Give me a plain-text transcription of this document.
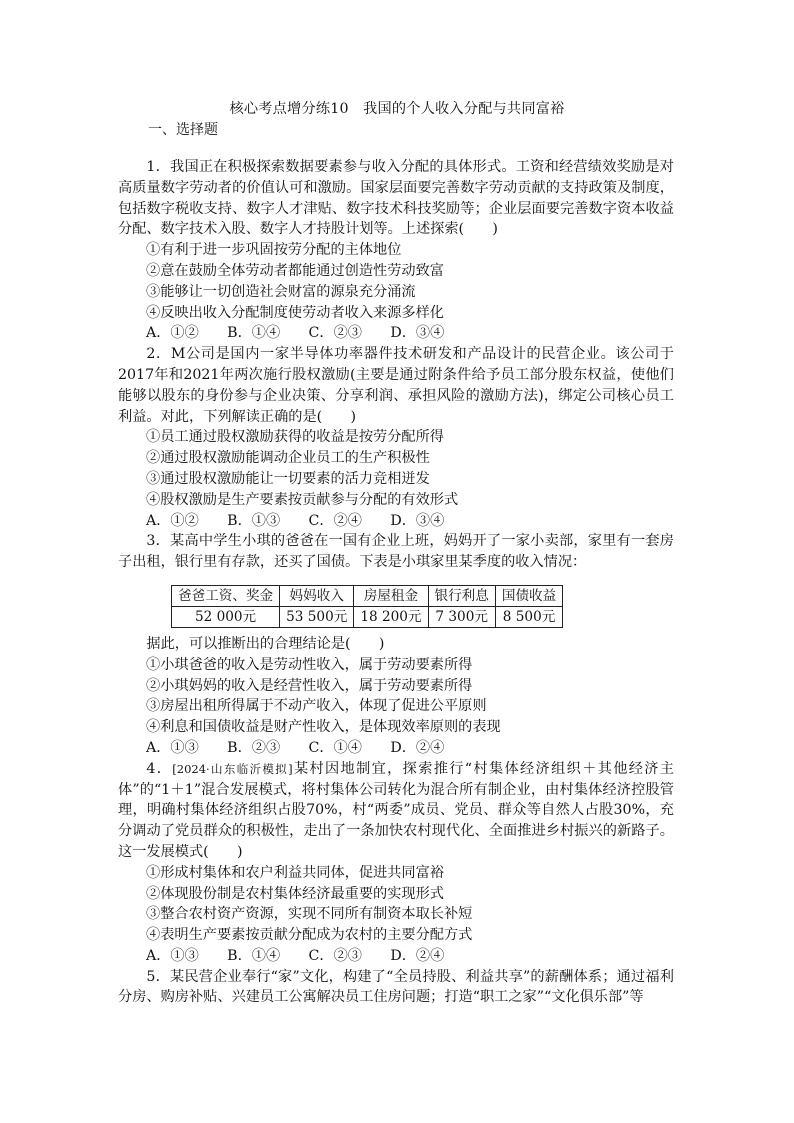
核心考点增分练10　我国的个人收入分配与共同富裕
一、选择题

1．我国正在积极探索数据要素参与收入分配的具体形式。工资和经营绩效奖励是对高质量数字劳动者的价值认可和激励。国家层面要完善数字劳动贡献的支持政策及制度，包括数字税收支持、数字人才津贴、数字技术科技奖励等；企业层面要完善数字资本收益分配、数字技术入股、数字人才持股计划等。上述探索(　　)

①有利于进一步巩固按劳分配的主体地位

②意在鼓励全体劳动者都能通过创造性劳动致富

③能够让一切创造社会财富的源泉充分涌流

④反映出收入分配制度使劳动者收入来源多样化

A．①②　　B．①④　　C．②③　　D．③④

2．M公司是国内一家半导体功率器件技术研发和产品设计的民营企业。该公司于2017年和2021年两次施行股权激励(主要是通过附条件给予员工部分股东权益，使他们能够以股东的身份参与企业决策、分享利润、承担风险的激励方法)，绑定公司核心员工利益。对此，下列解读正确的是(　　)

①员工通过股权激励获得的收益是按劳分配所得

②通过股权激励能调动企业员工的生产积极性

③通过股权激励能让一切要素的活力竞相迸发

④股权激励是生产要素按贡献参与分配的有效形式

A．①②　　B．①③　　C．②④　　D．③④

3．某高中学生小琪的爸爸在一国有企业上班，妈妈开了一家小卖部，家里有一套房子出租，银行里有存款，还买了国债。下表是小琪家里某季度的收入情况：

爸爸工资、奖金	妈妈收入	房屋租金	银行利息	国债收益
52 000元	53 500元	18 200元	7 300元	8 500元

据此，可以推断出的合理结论是(　　)

①小琪爸爸的收入是劳动性收入，属于劳动要素所得

②小琪妈妈的收入是经营性收入，属于劳动要素所得

③房屋出租所得属于不动产收入，体现了促进公平原则

④利息和国债收益是财产性收入，是体现效率原则的表现

A．①③　　B．②③　　C．①④　　D．②④

4．[2024·山东临沂模拟]某村因地制宜，探索推行“村集体经济组织＋其他经济主体”的“1＋1”混合发展模式，将村集体公司转化为混合所有制企业，由村集体经济控股管理，明确村集体经济组织占股70%，村“两委”成员、党员、群众等自然人占股30%，充分调动了党员群众的积极性，走出了一条加快农村现代化、全面推进乡村振兴的新路子。这一发展模式(　　)

①形成村集体和农户利益共同体，促进共同富裕

②体现股份制是农村集体经济最重要的实现形式

③整合农村资产资源，实现不同所有制资本取长补短

④表明生产要素按贡献分配成为农村的主要分配方式

A．①③　　B．①④　　C．②③　　D．②④

5．某民营企业奉行“家”文化，构建了“全员持股、利益共享”的薪酬体系；通过福利分房、购房补贴、兴建员工公寓解决员工住房问题；打造“职工之家”“文化俱乐部”等
